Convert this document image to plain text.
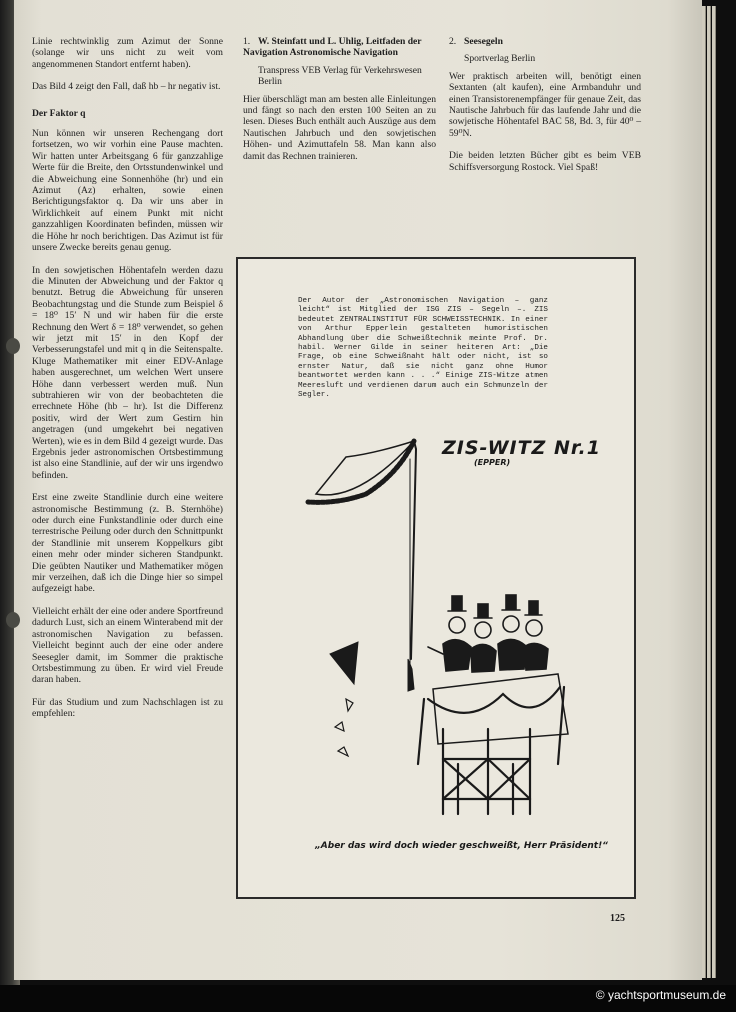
Linie rechtwinklig zum Azimut der Sonne (solange wir uns nicht zu weit vom angenommenen Standort entfernt haben).

Das Bild 4 zeigt den Fall, daß hb – hr negativ ist.

Der Faktor q

Nun können wir unseren Rechengang dort fortsetzen, wo wir vorhin eine Pause machten. Wir hatten unter Arbeitsgang 6 für ganzzahlige Werte für die Breite, den Ortsstundenwinkel und die Abweichung eine Sonnenhöhe (hr) und ein Azimut (Az) erhalten, sowie einen Berichtigungsfaktor q. Da wir uns aber in Wirklichkeit auf einem Punkt mit nicht ganzzahligen Koordinaten befinden, müssen wir die Höhe hr noch berichtigen. Das Azimut ist für unsere Zwecke bereits genau genug.

In den sowjetischen Höhentafeln werden dazu die Minuten der Abweichung und der Faktor q benutzt. Betrug die Abweichung für unseren Beobachtungstag und die Stunde zum Beispiel δ = 18⁰ 15′ N und wir haben für die erste Rechnung den Wert δ = 18⁰ verwendet, so gehen wir jetzt mit 15′ in den Kopf der Verbesserungstafel und mit q in die Seitenspalte. Kluge Mathematiker mit einer EDV-Anlage haben ausgerechnet, um welchen Wert unsere Höhe dann verbessert werden muß. Nun subtrahieren wir von der beobachteten die errechnete Höhe (hb – hr). Ist die Differenz positiv, wird der Wert zum Gestirn hin angetragen (und umgekehrt bei negativen Werten), wie es in dem Bild 4 gezeigt wurde. Das Ergebnis jeder astronomischen Ortsbestimmung ist also eine Standlinie, auf der wir uns irgendwo befinden.

Erst eine zweite Standlinie durch eine weitere astronomische Bestimmung (z. B. Sternhöhe) oder durch eine Funkstandlinie oder durch eine terrestrische Peilung oder durch den Schnittpunkt der Standlinie mit unserem Koppelkurs gibt einen mehr oder minder sicheren Standpunkt. Die geübten Nautiker und Mathematiker mögen mir verzeihen, daß ich die Dinge hier so simpel aufgezeigt habe.

Vielleicht erhält der eine oder andere Sportfreund dadurch Lust, sich an einem Winterabend mit der astronomischen Navigation zu befassen. Vielleicht beginnt auch der eine oder andere Seesegler damit, im Sommer die praktische Ortsbestimmung zu üben. Er wird viel Freude daran haben.

Für das Studium und zum Nachschlagen ist zu empfehlen:

1. W. Steinfatt und L. Uhlig, Leitfaden der Navigation Astronomische Navigation
Transpress VEB Verlag für Verkehrswesen Berlin

Hier überschlägt man am besten alle Einleitungen und fängt so nach den ersten 100 Seiten an zu lesen. Dieses Buch enthält auch Auszüge aus dem Nautischen Jahrbuch und den sowjetischen Höhen- und Azimuttafeln 58. Man kann also damit das Rechnen trainieren.

2. Seesegeln
Sportverlag Berlin

Wer praktisch arbeiten will, benötigt einen Sextanten (alt kaufen), eine Armbanduhr und einen Transistorenempfänger für genaue Zeit, das Nautische Jahrbuch für das laufende Jahr und die sowjetische Höhentafel BAC 58, Bd. 3, für 40⁰ – 59⁰N.

Die beiden letzten Bücher gibt es beim VEB Schiffsversorgung Rostock. Viel Spaß!

Der Autor der „Astronomischen Navigation – ganz leicht“ ist Mitglied der ISG ZIS – Segeln –. ZIS bedeutet ZENTRALINSTITUT FÜR SCHWEISSTECHNIK. In einer von Arthur Epperlein gestalteten humoristischen Abhandlung über die Schweißtechnik meinte Prof. Dr. habil. Werner Gilde in seiner heiteren Art: „Die Frage, ob eine Schweißnaht hält oder nicht, ist so ernster Natur, daß sie nicht ganz ohne Humor beantwortet werden kann . . .“ Einige ZIS-Witze atmen Meeresluft und verdienen darum auch ein Schmunzeln der Segler.
ZIS-WITZ Nr.1
(EPPER)
„Aber das wird doch wieder geschweißt, Herr Präsident!“
125
© yachtsportmuseum.de
